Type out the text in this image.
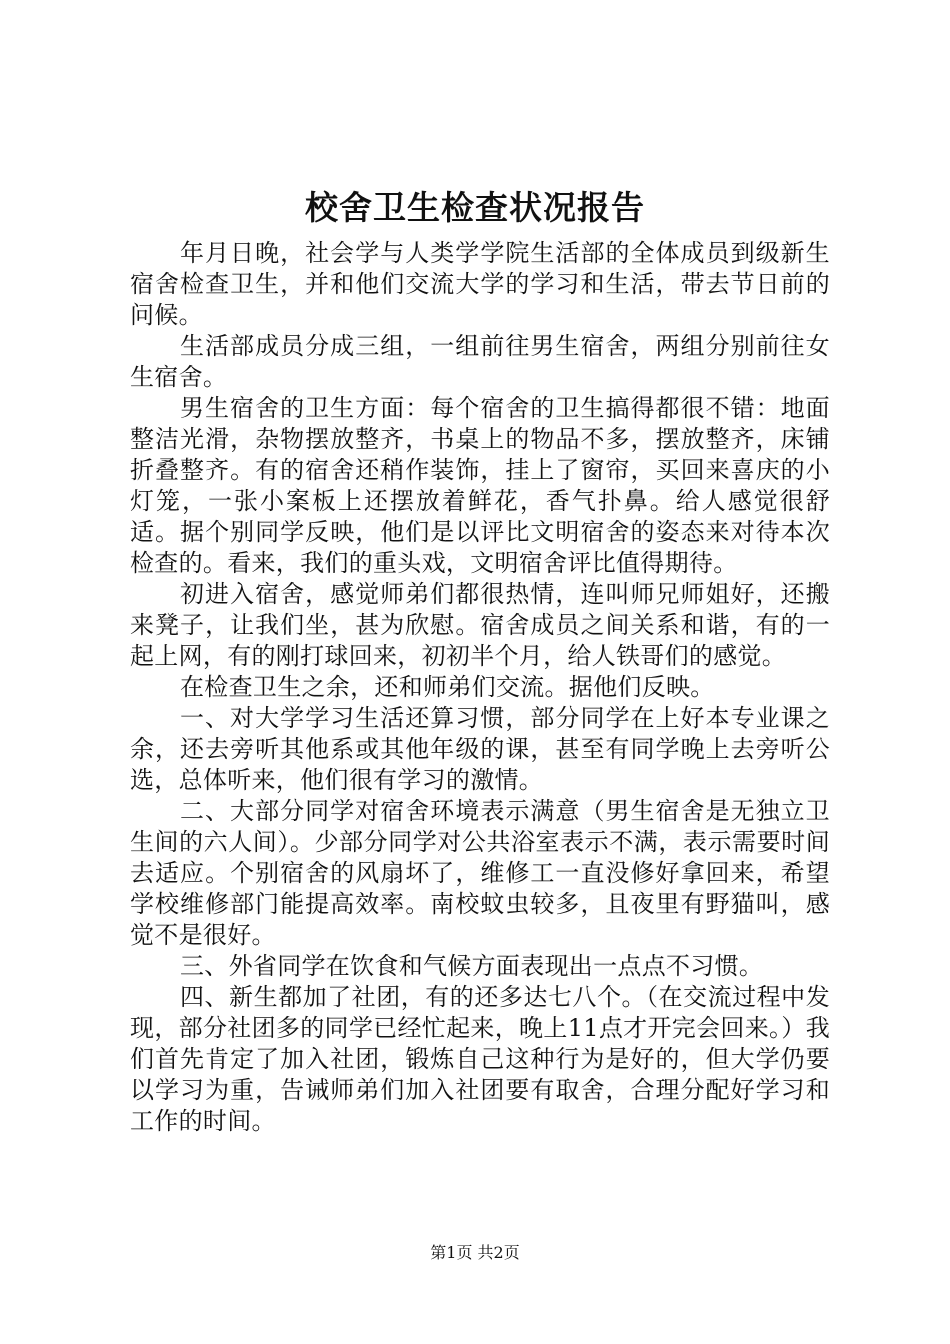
校舍卫生检查状况报告

年月日晚，社会学与人类学学院生活部的全体成员到级新生宿舍检查卫生，并和他们交流大学的学习和生活，带去节日前的问候。

生活部成员分成三组，一组前往男生宿舍，两组分别前往女生宿舍。

男生宿舍的卫生方面：每个宿舍的卫生搞得都很不错：地面整洁光滑，杂物摆放整齐，书桌上的物品不多，摆放整齐，床铺折叠整齐。有的宿舍还稍作装饰，挂上了窗帘，买回来喜庆的小灯笼，一张小案板上还摆放着鲜花，香气扑鼻。给人感觉很舒适。据个别同学反映，他们是以评比文明宿舍的姿态来对待本次检查的。看来，我们的重头戏，文明宿舍评比值得期待。

初进入宿舍，感觉师弟们都很热情，连叫师兄师姐好，还搬来凳子，让我们坐，甚为欣慰。宿舍成员之间关系和谐，有的一起上网，有的刚打球回来，初初半个月，给人铁哥们的感觉。

在检查卫生之余，还和师弟们交流。据他们反映。

一、对大学学习生活还算习惯，部分同学在上好本专业课之余，还去旁听其他系或其他年级的课，甚至有同学晚上去旁听公选，总体听来，他们很有学习的激情。

二、大部分同学对宿舍环境表示满意（男生宿舍是无独立卫生间的六人间）。少部分同学对公共浴室表示不满，表示需要时间去适应。个别宿舍的风扇坏了，维修工一直没修好拿回来，希望学校维修部门能提高效率。南校蚊虫较多，且夜里有野猫叫，感觉不是很好。

三、外省同学在饮食和气候方面表现出一点点不习惯。

四、新生都加了社团，有的还多达七八个。（在交流过程中发现，部分社团多的同学已经忙起来，晚上11点才开完会回来。）我们首先肯定了加入社团，锻炼自己这种行为是好的，但大学仍要以学习为重，告诫师弟们加入社团要有取舍，合理分配好学习和工作的时间。

第1页 共2页
